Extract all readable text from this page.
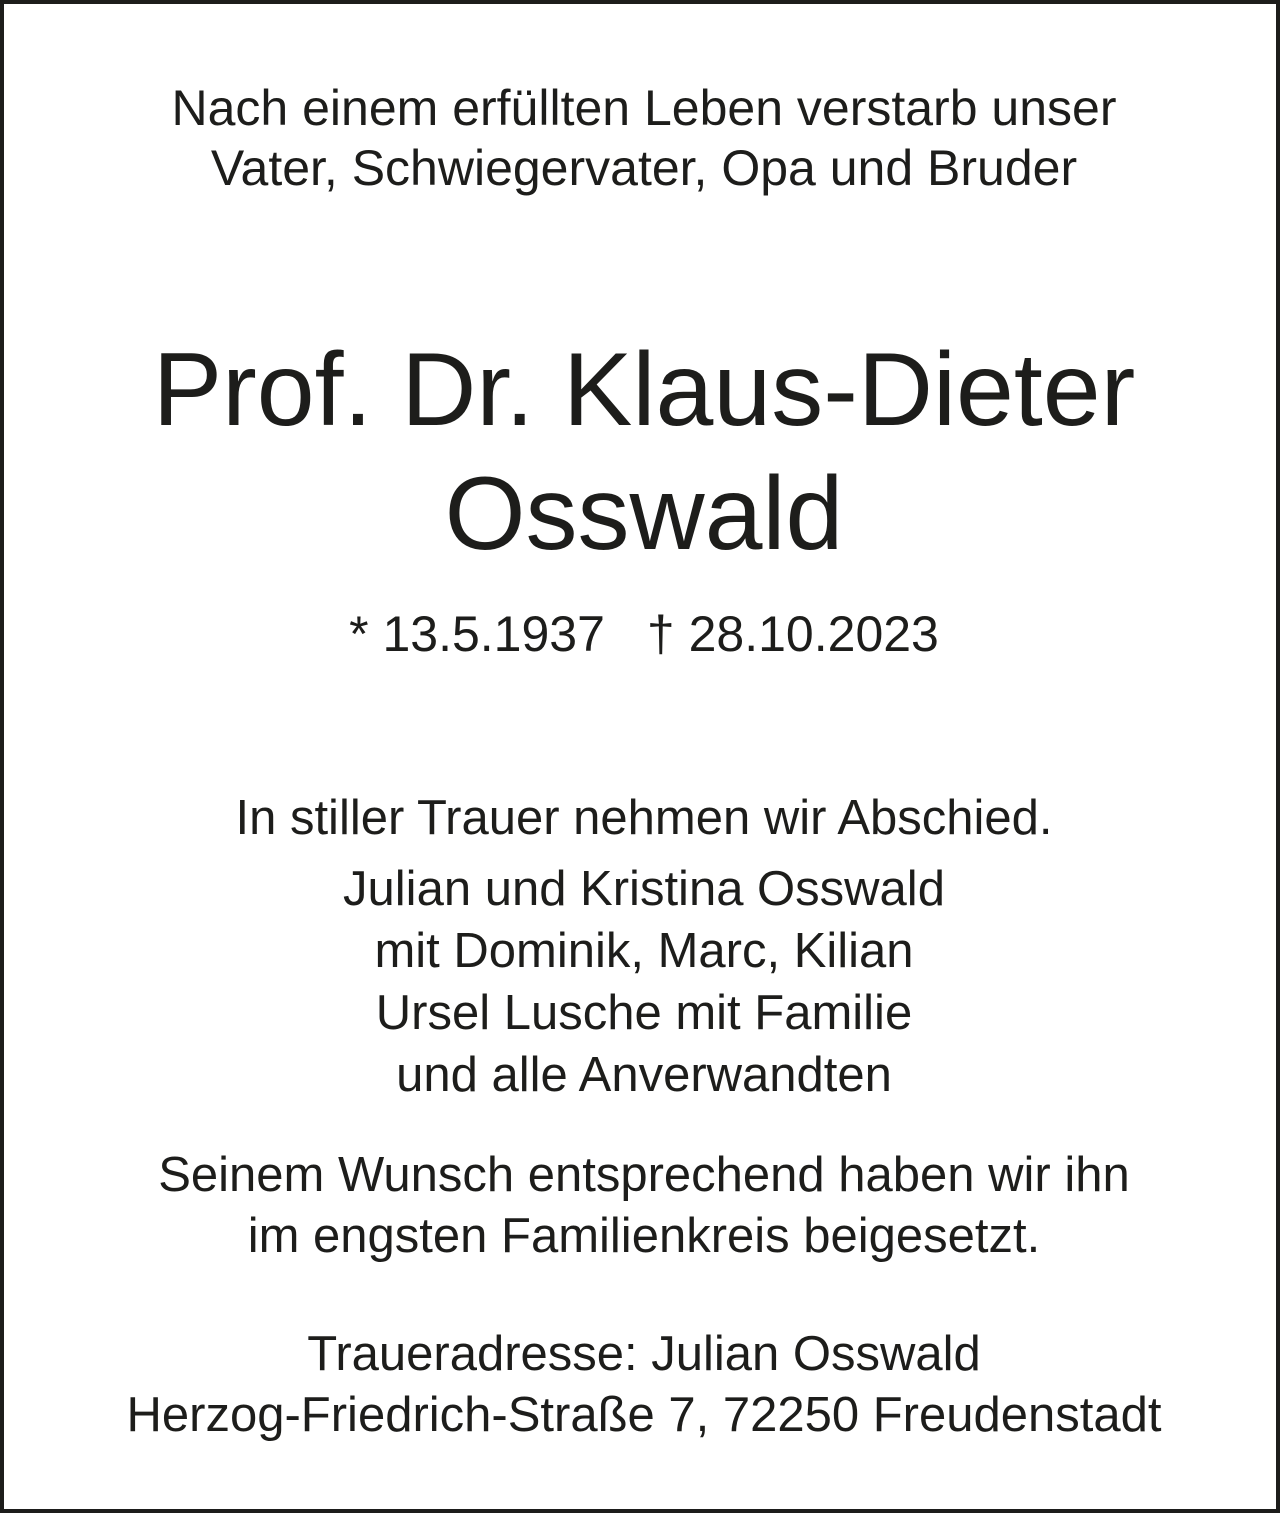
Nach einem erfüllten Leben verstarb unser
Vater, Schwiegervater, Opa und Bruder
Prof. Dr. Klaus-Dieter
Osswald
* 13.5.1937 † 28.10.2023
In stiller Trauer nehmen wir Abschied.
Julian und Kristina Osswald
mit Dominik, Marc, Kilian
Ursel Lusche mit Familie
und alle Anverwandten
Seinem Wunsch entsprechend haben wir ihn
im engsten Familienkreis beigesetzt.
Traueradresse: Julian Osswald
Herzog-Friedrich-Straße 7, 72250 Freudenstadt
